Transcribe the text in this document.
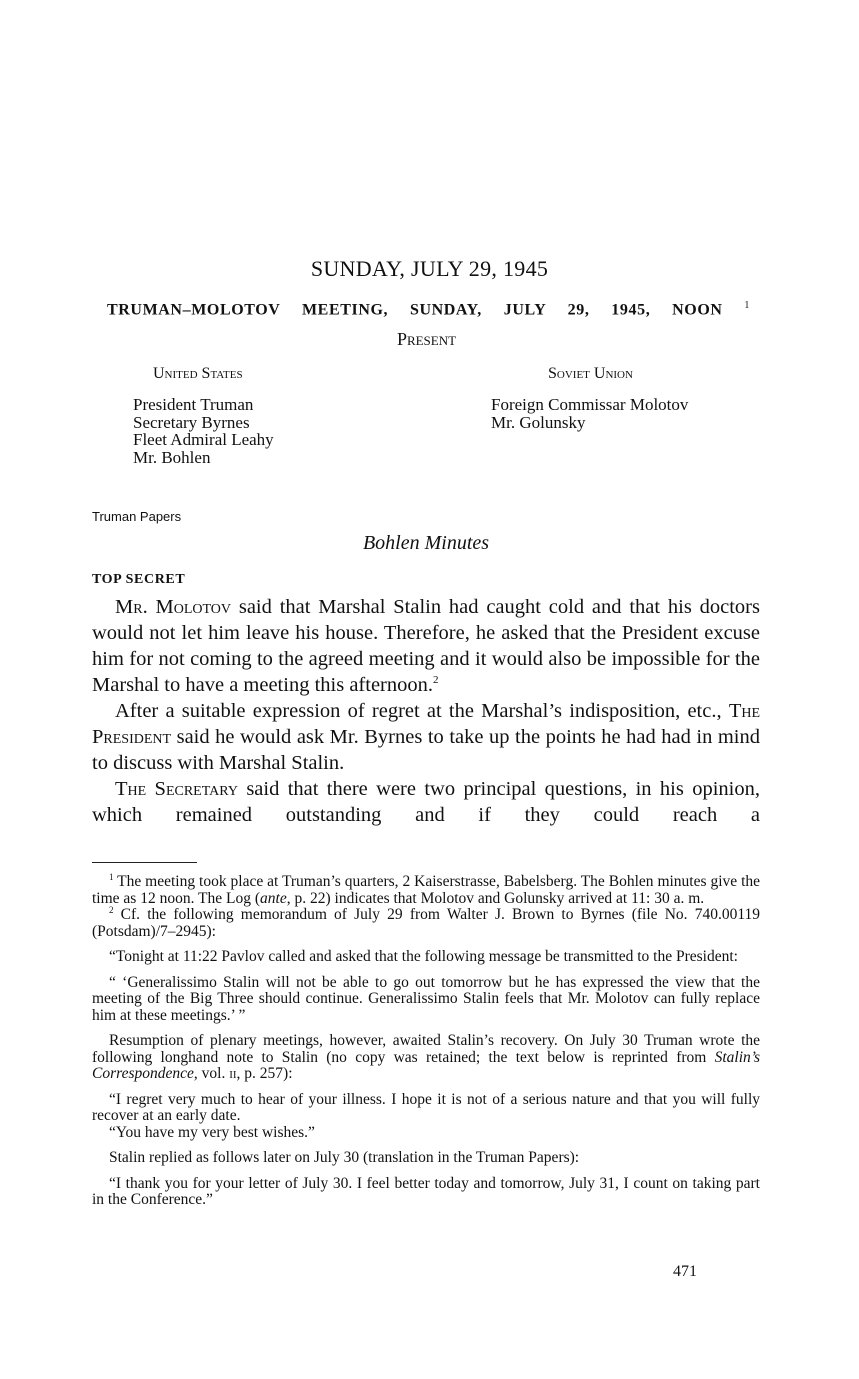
SUNDAY, JULY 29, 1945
TRUMAN–MOLOTOV MEETING, SUNDAY, JULY 29, 1945, NOON $^1$
Present
United States
President Truman
Secretary Byrnes
Fleet Admiral Leahy
Mr. Bohlen
Soviet Union
Foreign Commissar Molotov
Mr. Golunsky
Truman Papers
Bohlen Minutes
TOP SECRET

Mr. Molotov said that Marshal Stalin had caught cold and that his doctors would not let him leave his house. Therefore, he asked that the President excuse him for not coming to the agreed meeting and it would also be impossible for the Marshal to have a meeting this afternoon.$^2$

After a suitable expression of regret at the Marshal’s indisposition, etc., The President said he would ask Mr. Byrnes to take up the points he had had in mind to discuss with Marshal Stalin.

The Secretary said that there were two principal questions, in his opinion, which remained outstanding and if they could reach a

$^1$ The meeting took place at Truman’s quarters, 2 Kaiserstrasse, Babelsberg. The Bohlen minutes give the time as 12 noon. The Log (ante, p. 22) indicates that Molotov and Golunsky arrived at 11: 30 a. m.

$^2$ Cf. the following memorandum of July 29 from Walter J. Brown to Byrnes (file No. 740.00119 (Potsdam)/7–2945):

“Tonight at 11:22 Pavlov called and asked that the following message be transmitted to the President:

“ ‘Generalissimo Stalin will not be able to go out tomorrow but he has expressed the view that the meeting of the Big Three should continue. Generalissimo Stalin feels that Mr. Molotov can fully replace him at these meetings.’ ”

Resumption of plenary meetings, however, awaited Stalin’s recovery. On July 30 Truman wrote the following longhand note to Stalin (no copy was retained; the text below is reprinted from Stalin’s Correspondence, vol. ii, p. 257):

“I regret very much to hear of your illness. I hope it is not of a serious nature and that you will fully recover at an early date.

“You have my very best wishes.”

Stalin replied as follows later on July 30 (translation in the Truman Papers):

“I thank you for your letter of July 30. I feel better today and tomorrow, July 31, I count on taking part in the Conference.”

471
